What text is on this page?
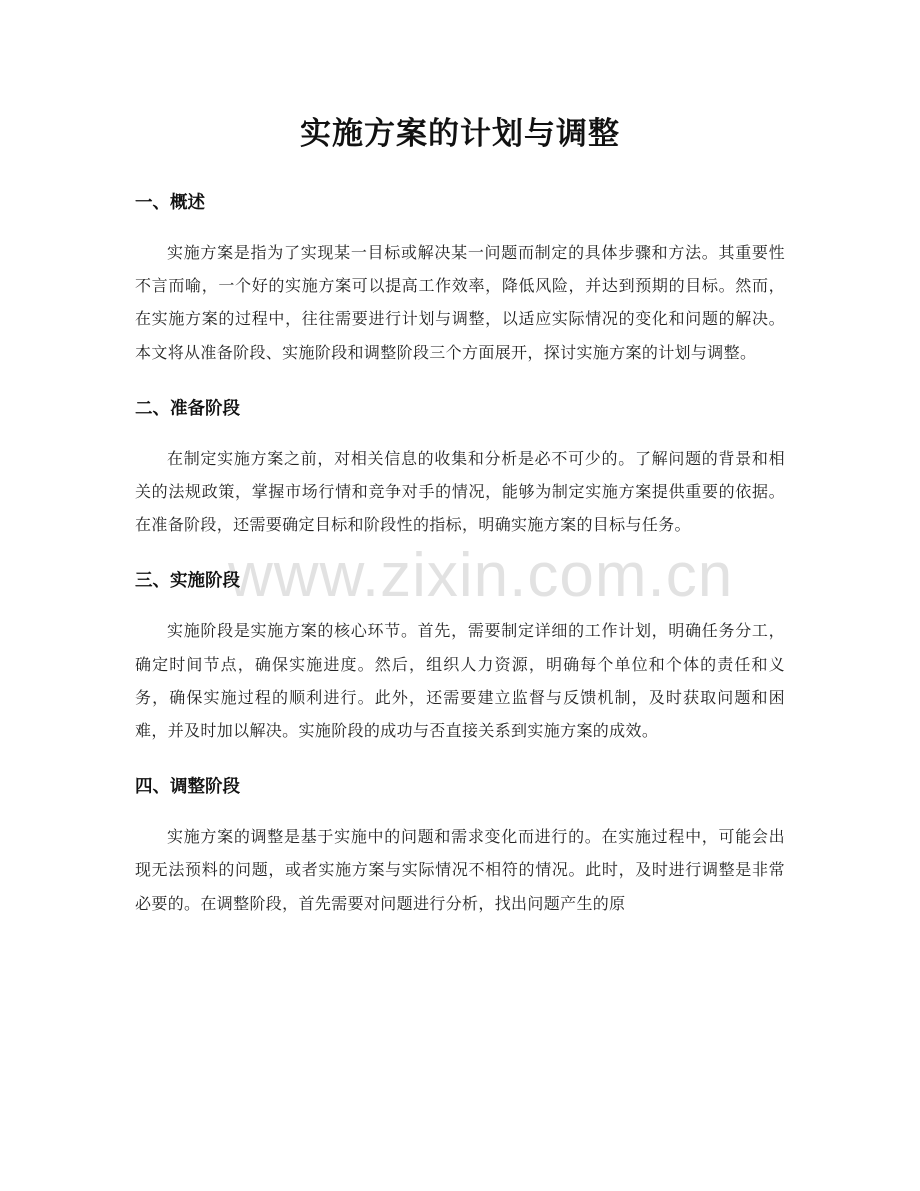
实施方案的计划与调整
www.zixin.com.cn
一、概述

实施方案是指为了实现某一目标或解决某一问题而制定的具体步骤和方法。其重要性不言而喻，一个好的实施方案可以提高工作效率，降低风险，并达到预期的目标。然而，在实施方案的过程中，往往需要进行计划与调整，以适应实际情况的变化和问题的解决。本文将从准备阶段、实施阶段和调整阶段三个方面展开，探讨实施方案的计划与调整。

二、准备阶段

在制定实施方案之前，对相关信息的收集和分析是必不可少的。了解问题的背景和相关的法规政策，掌握市场行情和竞争对手的情况，能够为制定实施方案提供重要的依据。在准备阶段，还需要确定目标和阶段性的指标，明确实施方案的目标与任务。

三、实施阶段

实施阶段是实施方案的核心环节。首先，需要制定详细的工作计划，明确任务分工，确定时间节点，确保实施进度。然后，组织人力资源，明确每个单位和个体的责任和义务，确保实施过程的顺利进行。此外，还需要建立监督与反馈机制，及时获取问题和困难，并及时加以解决。实施阶段的成功与否直接关系到实施方案的成效。

四、调整阶段

实施方案的调整是基于实施中的问题和需求变化而进行的。在实施过程中，可能会出现无法预料的问题，或者实施方案与实际情况不相符的情况。此时，及时进行调整是非常必要的。在调整阶段，首先需要对问题进行分析，找出问题产生的原
